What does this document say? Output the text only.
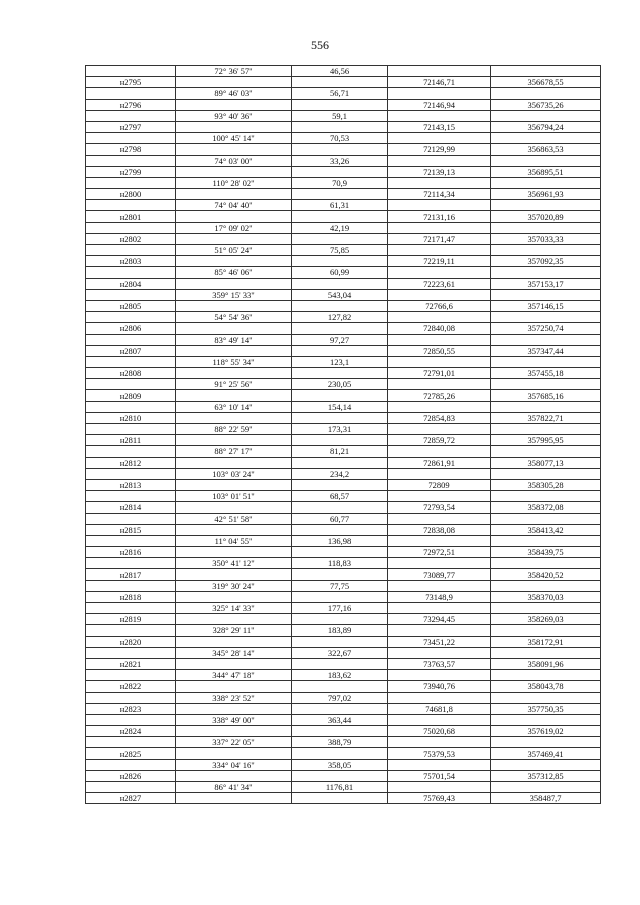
556
	72° 36' 57"	46,56		
н2795			72146,71	356678,55
	89° 46' 03"	56,71		
н2796			72146,94	356735,26
	93° 40' 36"	59,1		
н2797			72143,15	356794,24
	100° 45' 14"	70,53		
н2798			72129,99	356863,53
	74° 03' 00"	33,26		
н2799			72139,13	356895,51
	110° 28' 02"	70,9		
н2800			72114,34	356961,93
	74° 04' 40"	61,31		
н2801			72131,16	357020,89
	17° 09' 02"	42,19		
н2802			72171,47	357033,33
	51° 05' 24"	75,85		
н2803			72219,11	357092,35
	85° 46' 06"	60,99		
н2804			72223,61	357153,17
	359° 15' 33"	543,04		
н2805			72766,6	357146,15
	54° 54' 36"	127,82		
н2806			72840,08	357250,74
	83° 49' 14"	97,27		
н2807			72850,55	357347,44
	118° 55' 34"	123,1		
н2808			72791,01	357455,18
	91° 25' 56"	230,05		
н2809			72785,26	357685,16
	63° 10' 14"	154,14		
н2810			72854,83	357822,71
	88° 22' 59"	173,31		
н2811			72859,72	357995,95
	88° 27' 17"	81,21		
н2812			72861,91	358077,13
	103° 03' 24"	234,2		
н2813			72809	358305,28
	103° 01' 51"	68,57		
н2814			72793,54	358372,08
	42° 51' 58"	60,77		
н2815			72838,08	358413,42
	11° 04' 55"	136,98		
н2816			72972,51	358439,75
	350° 41' 12"	118,83		
н2817			73089,77	358420,52
	319° 30' 24"	77,75		
н2818			73148,9	358370,03
	325° 14' 33"	177,16		
н2819			73294,45	358269,03
	328° 29' 11"	183,89		
н2820			73451,22	358172,91
	345° 28' 14"	322,67		
н2821			73763,57	358091,96
	344° 47' 18"	183,62		
н2822			73940,76	358043,78
	338° 23' 52"	797,02		
н2823			74681,8	357750,35
	338° 49' 00"	363,44		
н2824			75020,68	357619,02
	337° 22' 05"	388,79		
н2825			75379,53	357469,41
	334° 04' 16"	358,05		
н2826			75701,54	357312,85
	86° 41' 34"	1176,81		
н2827			75769,43	358487,7
